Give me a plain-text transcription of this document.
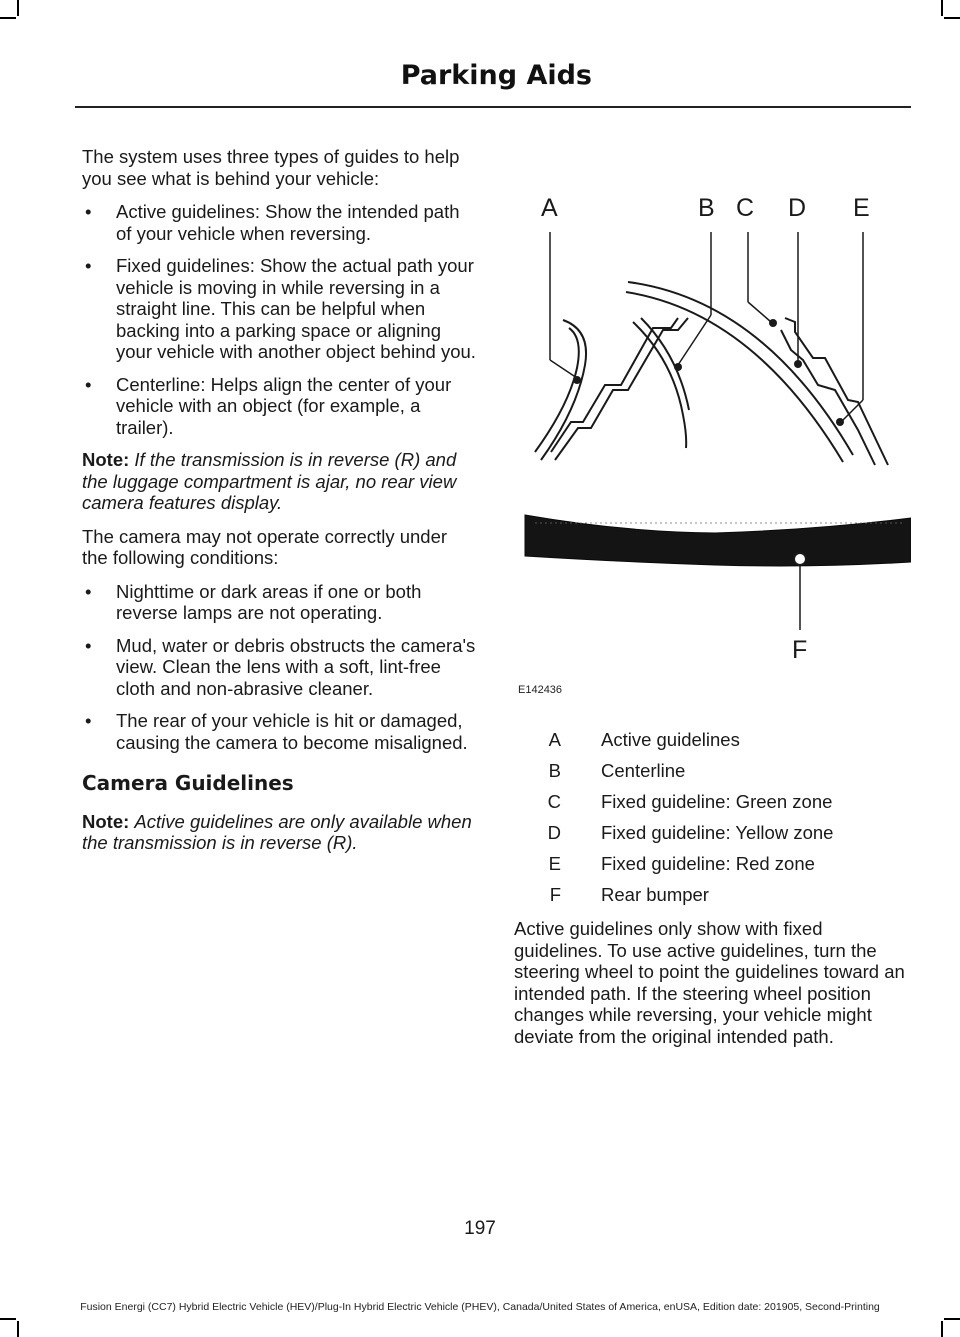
Parking Aids

The system uses three types of guides to help you see what is behind your vehicle:

• Active guidelines: Show the intended path of your vehicle when reversing.
• Fixed guidelines: Show the actual path your vehicle is moving in while reversing in a straight line. This can be helpful when backing into a parking space or aligning your vehicle with another object behind you.
• Centerline: Helps align the center of your vehicle with an object (for example, a trailer).

Note: If the transmission is in reverse (R) and the luggage compartment is ajar, no rear view camera features display.

The camera may not operate correctly under the following conditions:

• Nighttime or dark areas if one or both reverse lamps are not operating.
• Mud, water or debris obstructs the camera's view. Clean the lens with a soft, lint-free cloth and non-abrasive cleaner.
• The rear of your vehicle is hit or damaged, causing the camera to become misaligned.
Camera Guidelines

Note: Active guidelines are only available when the transmission is in reverse (R).

A	B C D E
F
E142436
A	Active guidelines
B	Centerline
C	Fixed guideline: Green zone
D	Fixed guideline: Yellow zone
E	Fixed guideline: Red zone
F	Rear bumper

Active guidelines only show with fixed guidelines. To use active guidelines, turn the steering wheel to point the guidelines toward an intended path. If the steering wheel position changes while reversing, your vehicle might deviate from the original intended path.

197
Fusion Energi (CC7) Hybrid Electric Vehicle (HEV)/Plug-In Hybrid Electric Vehicle (PHEV), Canada/United States of America, enUSA, Edition date: 201905, Second-Printing
